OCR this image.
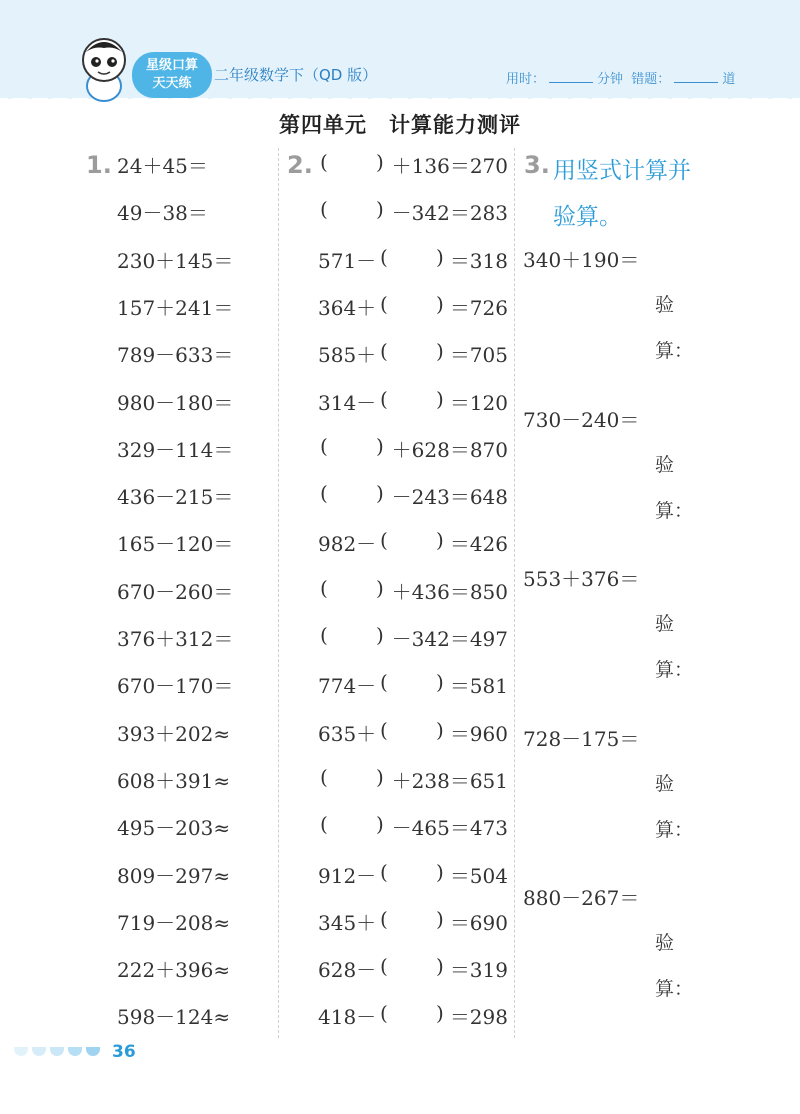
星级口算
天天练	二年级数学下（QD 版）	用时：	分钟 错题：	道
第四单元　计算能力测评
1. 24＋45＝
49－38＝
230＋145＝
157＋241＝
789－633＝
980－180＝
329－114＝
436－215＝
165－120＝
670－260＝
376＋312＝
670－170＝
393＋202≈
608＋391≈
495－203≈
809－297≈
719－208≈
222＋396≈
598－124≈
2. ( ) ＋136＝270
( ) －342＝283
571－ ( ) ＝318
364＋ ( ) ＝726
585＋ ( ) ＝705
314－ ( ) ＝120
( ) ＋628＝870
( ) －243＝648
982－ ( ) ＝426
( ) ＋436＝850
( ) －342＝497
774－ ( ) ＝581
635＋ ( ) ＝960
( ) ＋238＝651
( ) －465＝473
912－ ( ) ＝504
345＋ ( ) ＝690
628－ ( ) ＝319
418－ ( ) ＝298
3. 用竖式计算并
验算。
340＋190＝
验
算：
730－240＝
验
算：
553＋376＝
验
算：
728－175＝
验
算：
880－267＝
验
算：
36
